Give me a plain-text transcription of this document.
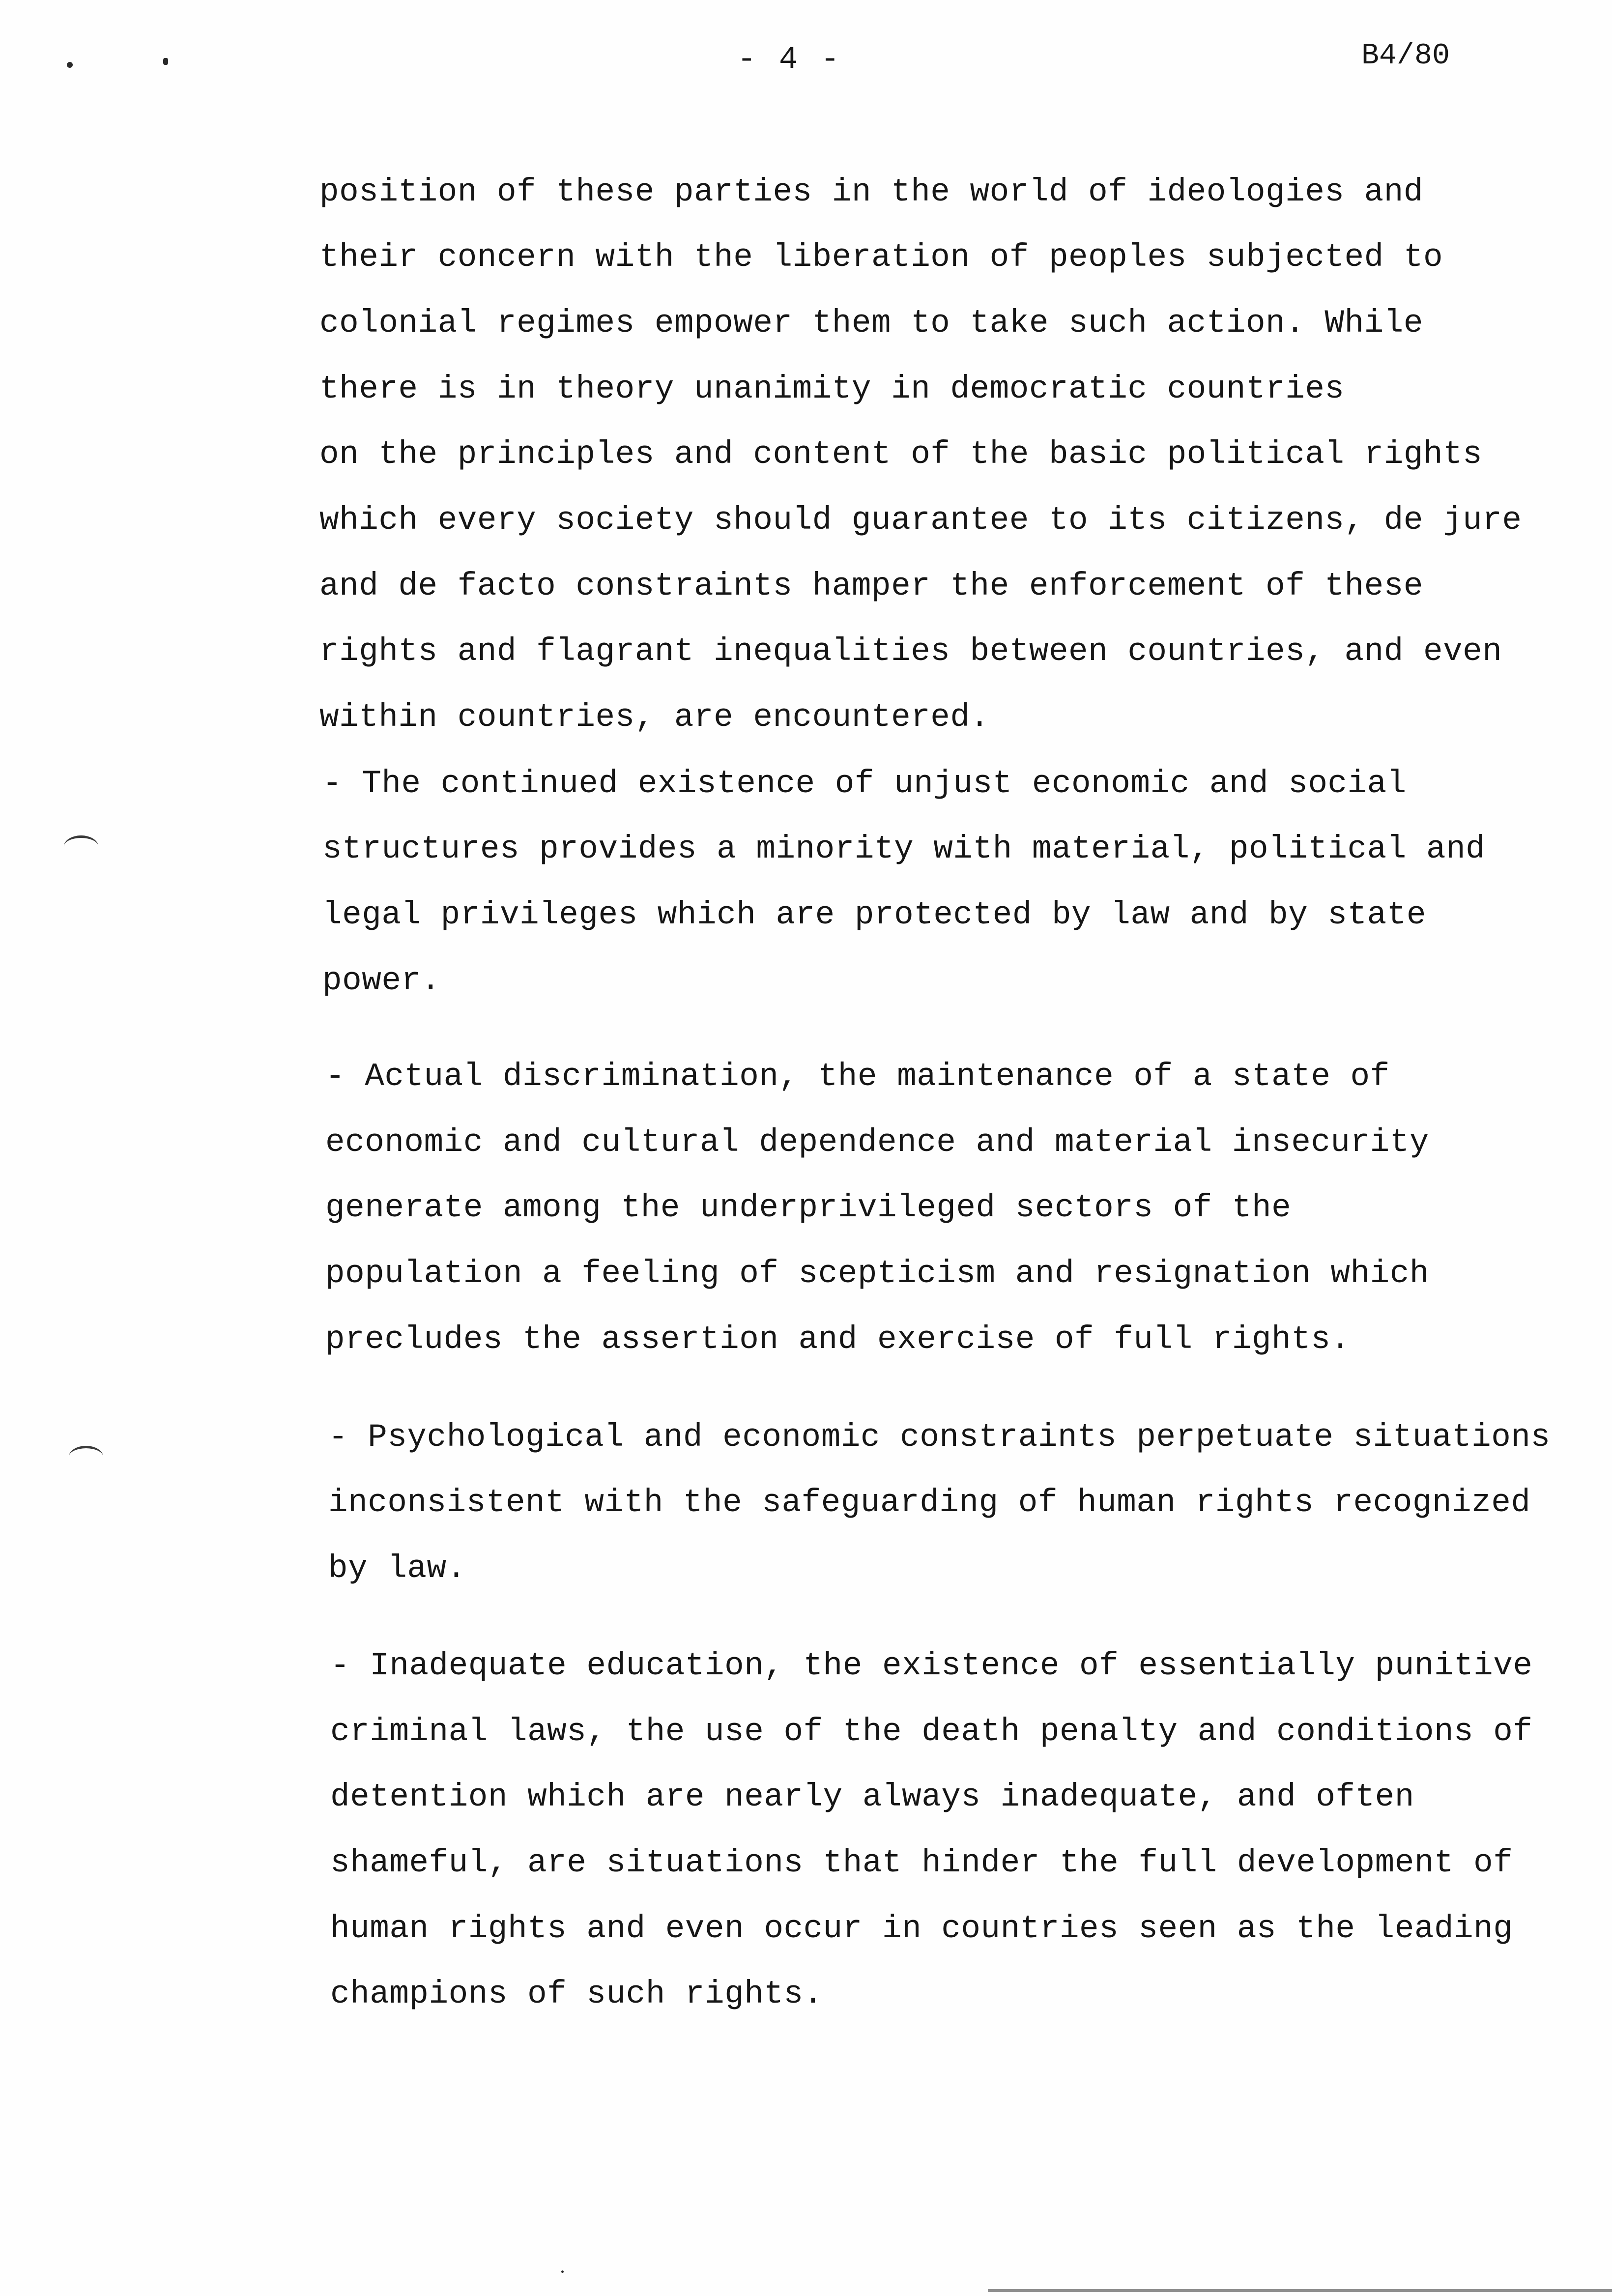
- 4 -	B4/80
position of these parties in the world of ideologies and
their concern with the liberation of peoples subjected to
colonial regimes empower them to take such action. While
there is in theory unanimity in democratic countries
on the principles and content of the basic political rights
which every society should guarantee to its citizens, de jure
and de facto constraints hamper the enforcement of these
rights and flagrant inequalities between countries, and even
within countries, are encountered.
- The continued existence of unjust economic and social
structures provides a minority with material, political and
legal privileges which are protected by law and by state
power.
- Actual discrimination, the maintenance of a state of
economic and cultural dependence and material insecurity
generate among the underprivileged sectors of the
population a feeling of scepticism and resignation which
precludes the assertion and exercise of full rights.
- Psychological and economic constraints perpetuate situations
inconsistent with the safeguarding of human rights recognized
by law.
- Inadequate education, the existence of essentially punitive
criminal laws, the use of the death penalty and conditions of
detention which are nearly always inadequate, and often
shameful, are situations that hinder the full development of
human rights and even occur in countries seen as the leading
champions of such rights.
